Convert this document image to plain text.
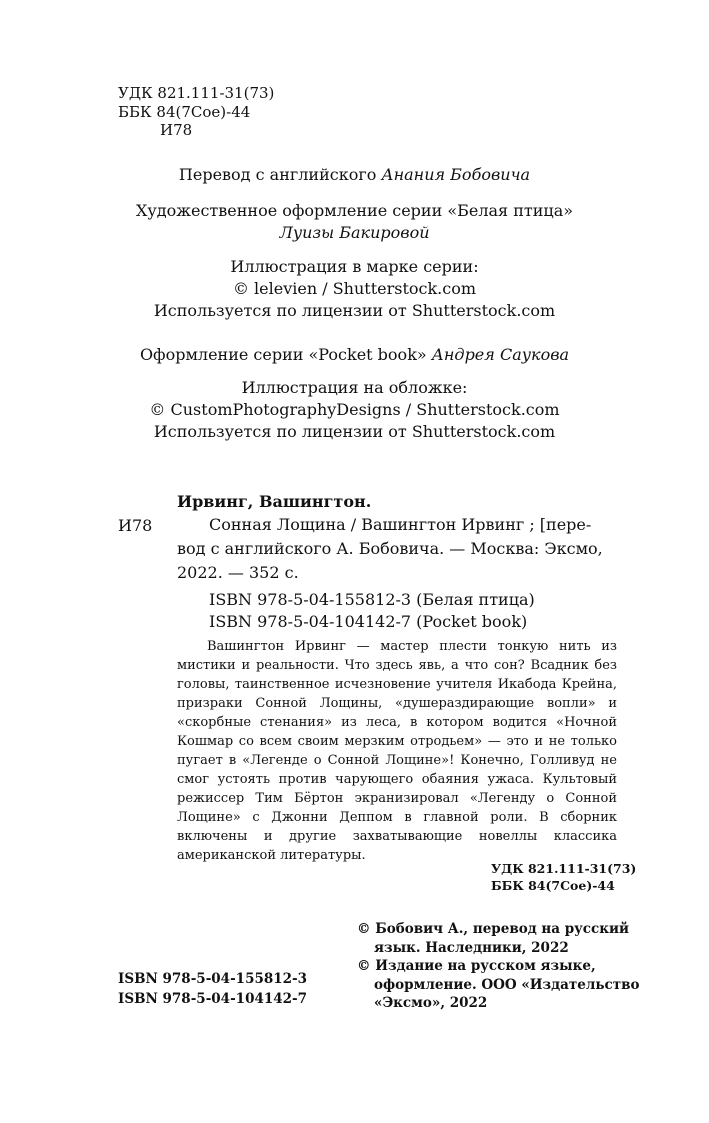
УДК 821.111-31(73)
ББК 84(7Сое)-44
И78
Перевод с английского Анания Бобовича
Художественное оформление серии «Белая птица»
Луизы Бакировой
Иллюстрация в марке серии:
© lelevien / Shutterstock.com
Используется по лицензии от Shutterstock.com
Оформление серии «Pocket book» Андрея Саукова
Иллюстрация на обложке:
© CustomPhotographyDesigns / Shutterstock.com
Используется по лицензии от Shutterstock.com
Ирвинг, Вашингтон.
И78	Сонная Лощина / Вашингтон Ирвинг ; [пере-
вод с английского А. Бобовича. — Москва: Эксмо,
2022. — 352 с.
ISBN 978-5-04-155812-3 (Белая птица)
ISBN 978-5-04-104142-7 (Pocket book)

Вашингтон Ирвинг — мастер плести тонкую нить из мистики и реальности. Что здесь явь, а что сон? Всадник без головы, таинственное исчезновение учителя Икабода Крейна, призраки Сонной Лощины, «душераздирающие вопли» и «скорбные стенания» из леса, в котором водится «Ночной Кошмар со всем своим мерзким отродьем» — это и не только пугает в «Легенде о Сонной Лощине»! Конечно, Голливуд не смог устоять против чарующего обаяния ужаса. Культовый режиссер Тим Бёртон экранизировал «Легенду о Сонной Лощине» с Джонни Деппом в главной роли. В сборник включены и другие захватывающие новеллы классика американской литературы.

УДК 821.111-31(73)
ББК 84(7Сое)-44
© Бобович А., перевод на русский язык. Наследники, 2022
© Издание на русском языке, оформление. ООО «Издательство «Эксмо», 2022
ISBN 978-5-04-155812-3
ISBN 978-5-04-104142-7
